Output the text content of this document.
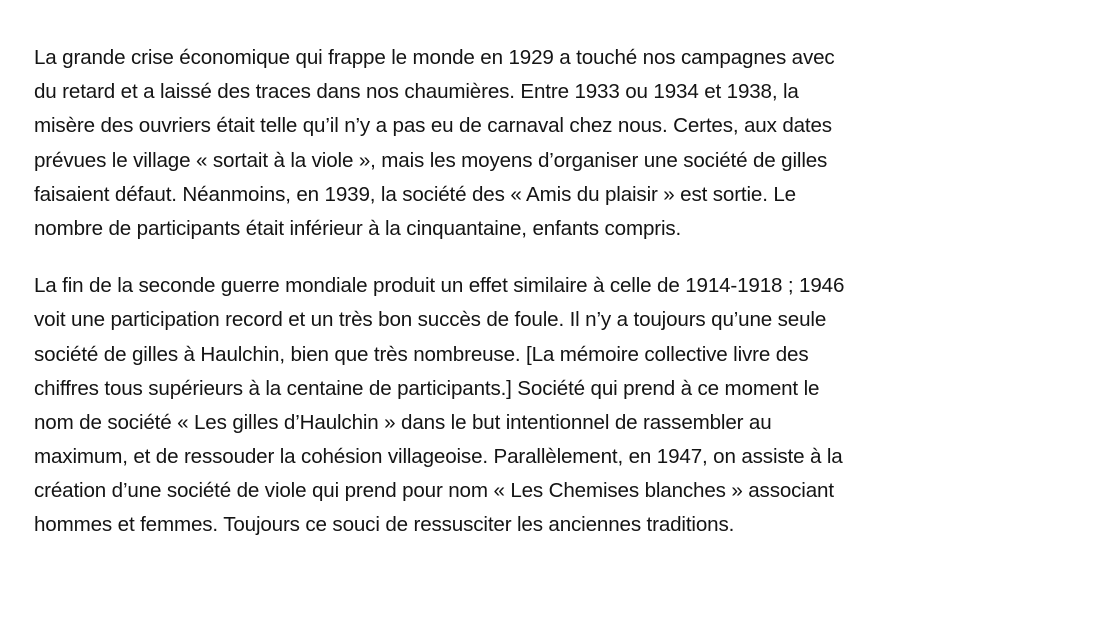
La grande crise économique qui frappe le monde en 1929 a touché nos campagnes avec
du retard et a laissé des traces dans nos chaumières. Entre 1933 ou 1934 et 1938, la
misère des ouvriers était telle qu’il n’y a pas eu de carnaval chez nous. Certes, aux dates
prévues le village « sortait à la viole », mais les moyens d’organiser une société de gilles
faisaient défaut. Néanmoins, en 1939, la société des « Amis du plaisir » est sortie. Le
nombre de participants était inférieur à la cinquantaine, enfants compris.
La fin de la seconde guerre mondiale produit un effet similaire à celle de 1914-1918 ; 1946
voit une participation record et un très bon succès de foule. Il n’y a toujours qu’une seule
société de gilles à Haulchin, bien que très nombreuse. [La mémoire collective livre des
chiffres tous supérieurs à la centaine de participants.] Société qui prend à ce moment le
nom de société « Les gilles d’Haulchin » dans le but intentionnel de rassembler au
maximum, et de ressouder la cohésion villageoise. Parallèlement, en 1947, on assiste à la
création d’une société de viole qui prend pour nom « Les Chemises blanches » associant
hommes et femmes. Toujours ce souci de ressusciter les anciennes traditions.
